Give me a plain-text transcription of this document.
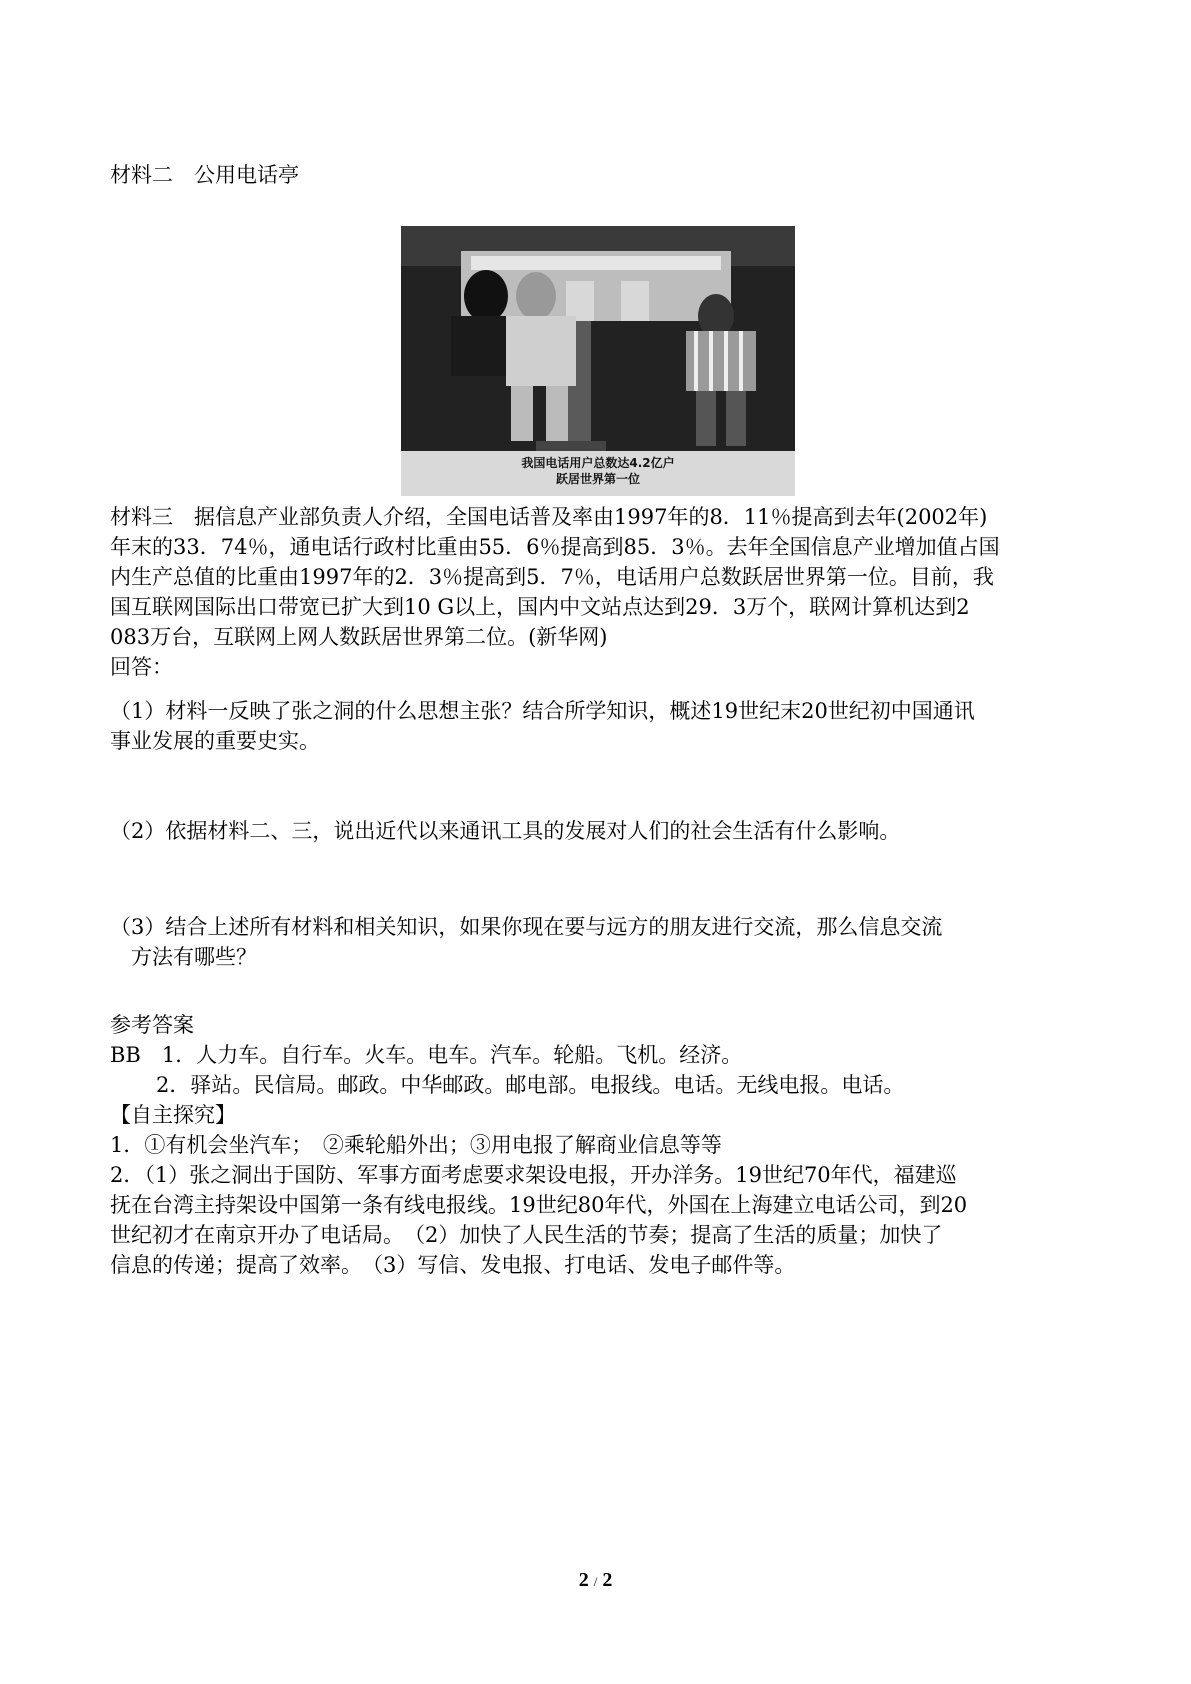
材料二　公用电话亭
我国电话用户总数达4.2亿户
跃居世界第一位
材料三　据信息产业部负责人介绍，全国电话普及率由1997年的8．11％提高到去年(2002年)
年末的33．74％，通电话行政村比重由55．6％提高到85．3％。去年全国信息产业增加值占国
内生产总值的比重由1997年的2．3％提高到5．7％，电话用户总数跃居世界第一位。目前，我
国互联网国际出口带宽已扩大到10 G以上，国内中文站点达到29．3万个，联网计算机达到2
083万台，互联网上网人数跃居世界第二位。(新华网)
回答：
（1）材料一反映了张之洞的什么思想主张？结合所学知识，概述19世纪末20世纪初中国通讯
事业发展的重要史实。
（2）依据材料二、三，说出近代以来通讯工具的发展对人们的社会生活有什么影响。
（3）结合上述所有材料和相关知识，如果你现在要与远方的朋友进行交流，那么信息交流
　方法有哪些？
参考答案
BB　1．人力车。自行车。火车。电车。汽车。轮船。飞机。经济。
2．驿站。民信局。邮政。中华邮政。邮电部。电报线。电话。无线电报。电话。
【自主探究】
1．①有机会坐汽车；　②乘轮船外出；③用电报了解商业信息等等
2．（1）张之洞出于国防、军事方面考虑要求架设电报，开办洋务。19世纪70年代，福建巡
抚在台湾主持架设中国第一条有线电报线。19世纪80年代，外国在上海建立电话公司，到20
世纪初才在南京开办了电话局。　（2）加快了人民生活的节奏；提高了生活的质量；加快了
信息的传递；提高了效率。　（3）写信、发电报、打电话、发电子邮件等。
2 / 2
